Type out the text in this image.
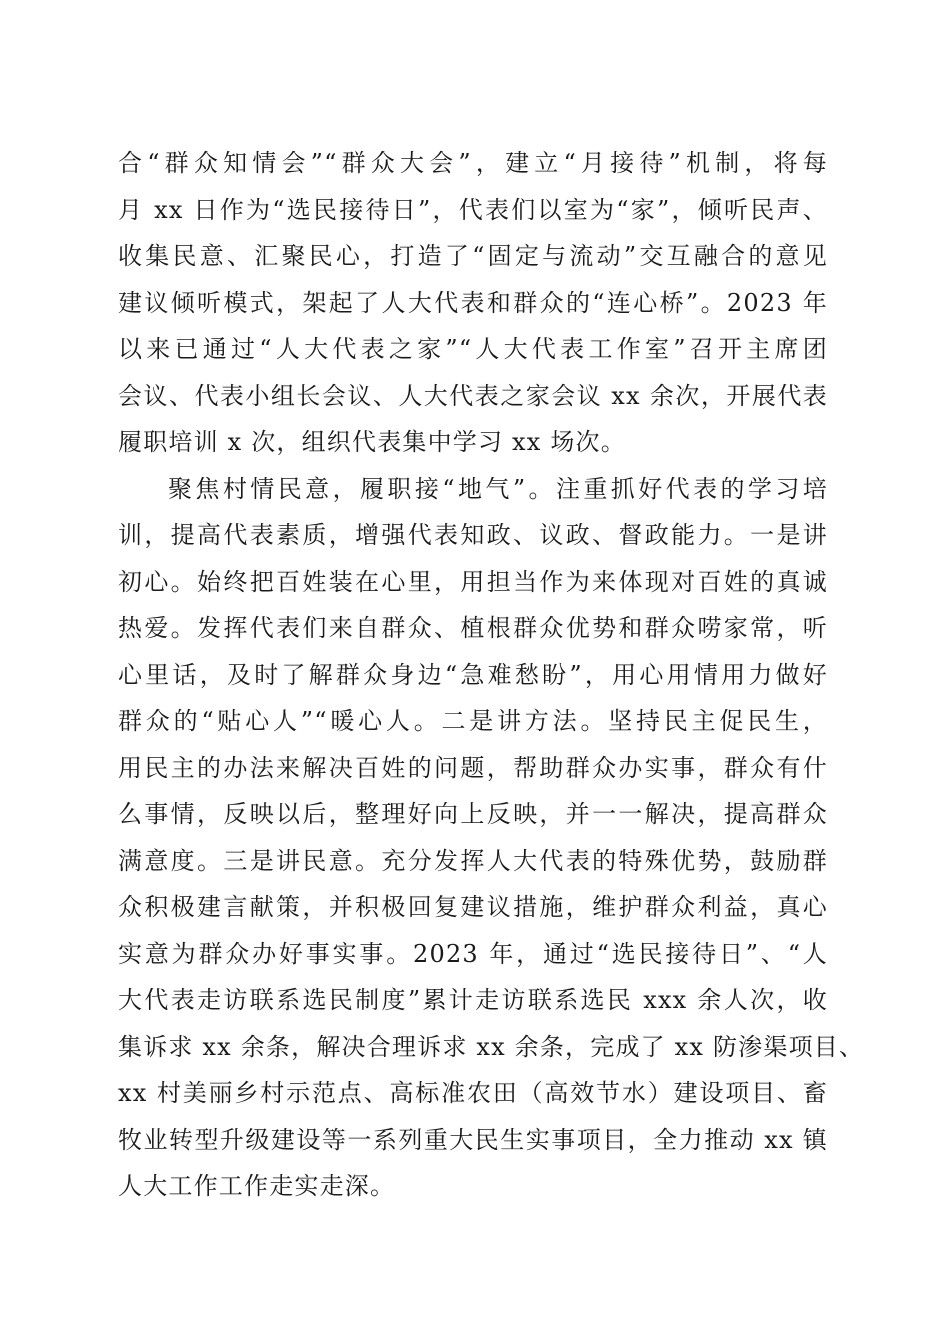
合“群众知情会”“群众大会”，建立“月接待”机制，将每
月 xx 日作为“选民接待日”，代表们以室为“家”，倾听民声、
收集民意、汇聚民心，打造了“固定与流动”交互融合的意见
建议倾听模式，架起了人大代表和群众的“连心桥”。2023 年
以来已通过“人大代表之家”“人大代表工作室”召开主席团
会议、代表小组长会议、人大代表之家会议 xx 余次，开展代表
履职培训 x 次，组织代表集中学习 xx 场次。
聚焦村情民意，履职接“地气”。注重抓好代表的学习培
训，提高代表素质，增强代表知政、议政、督政能力。一是讲
初心。始终把百姓装在心里，用担当作为来体现对百姓的真诚
热爱。发挥代表们来自群众、植根群众优势和群众唠家常，听
心里话，及时了解群众身边“急难愁盼”，用心用情用力做好
群众的“贴心人”“暖心人。二是讲方法。坚持民主促民生，
用民主的办法来解决百姓的问题，帮助群众办实事，群众有什
么事情，反映以后，整理好向上反映，并一一解决，提高群众
满意度。三是讲民意。充分发挥人大代表的特殊优势，鼓励群
众积极建言献策，并积极回复建议措施，维护群众利益，真心
实意为群众办好事实事。2023 年，通过“选民接待日”、“人
大代表走访联系选民制度”累计走访联系选民 xxx 余人次，收
集诉求 xx 余条，解决合理诉求 xx 余条，完成了 xx 防渗渠项目、
xx 村美丽乡村示范点、高标准农田（高效节水）建设项目、畜
牧业转型升级建设等一系列重大民生实事项目，全力推动 xx 镇
人大工作工作走实走深。
